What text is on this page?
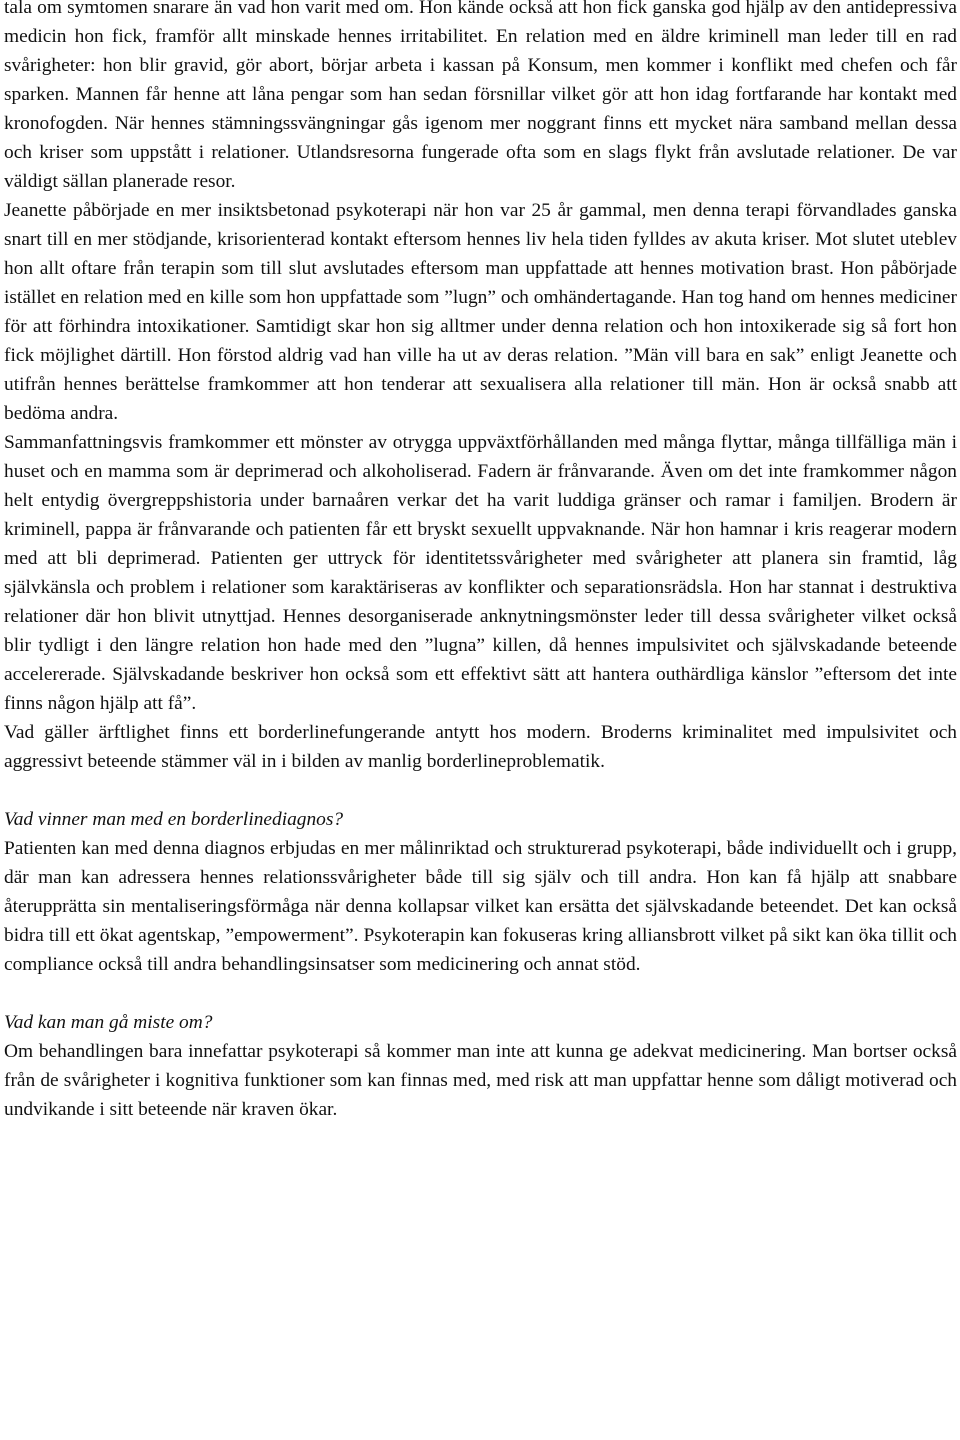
tala om symtomen snarare än vad hon varit med om. Hon kände också att hon fick ganska god hjälp av den antidepressiva medicin hon fick, framför allt minskade hennes irritabilitet. En relation med en äldre kriminell man leder till en rad svårigheter: hon blir gravid, gör abort, börjar arbeta i kassan på Konsum, men kommer i konflikt med chefen och får sparken. Mannen får henne att låna pengar som han sedan försnillar vilket gör att hon idag fortfarande har kontakt med kronofogden. När hennes stämningssvängningar gås igenom mer noggrant finns ett mycket nära samband mellan dessa och kriser som uppstått i relationer. Utlandsresorna fungerade ofta som en slags flykt från avslutade relationer. De var väldigt sällan planerade resor.

Jeanette påbörjade en mer insiktsbetonad psykoterapi när hon var 25 år gammal, men denna terapi förvandlades ganska snart till en mer stödjande, krisorienterad kontakt eftersom hennes liv hela tiden fylldes av akuta kriser. Mot slutet uteblev hon allt oftare från terapin som till slut avslutades eftersom man uppfattade att hennes motivation brast. Hon påbörjade istället en relation med en kille som hon uppfattade som ”lugn” och omhändertagande. Han tog hand om hennes mediciner för att förhindra intoxikationer. Samtidigt skar hon sig alltmer under denna relation och hon intoxikerade sig så fort hon fick möjlighet därtill. Hon förstod aldrig vad han ville ha ut av deras relation. ”Män vill bara en sak” enligt Jeanette och utifrån hennes berättelse framkommer att hon tenderar att sexualisera alla relationer till män. Hon är också snabb att bedöma andra.

Sammanfattningsvis framkommer ett mönster av otrygga uppväxtförhållanden med många flyttar, många tillfälliga män i huset och en mamma som är deprimerad och alkoholiserad. Fadern är frånvarande. Även om det inte framkommer någon helt entydig övergreppshistoria under barnaåren verkar det ha varit luddiga gränser och ramar i familjen. Brodern är kriminell, pappa är frånvarande och patienten får ett bryskt sexuellt uppvaknande. När hon hamnar i kris reagerar modern med att bli deprimerad. Patienten ger uttryck för identitetssvårigheter med svårigheter att planera sin framtid, låg självkänsla och problem i relationer som karaktäriseras av konflikter och separationsrädsla. Hon har stannat i destruktiva relationer där hon blivit utnyttjad. Hennes desorganiserade anknytningsmönster leder till dessa svårigheter vilket också blir tydligt i den längre relation hon hade med den ”lugna” killen, då hennes impulsivitet och självskadande beteende accelererade. Självskadande beskriver hon också som ett effektivt sätt att hantera outhärdliga känslor ”eftersom det inte finns någon hjälp att få”.

Vad gäller ärftlighet finns ett borderlinefungerande antytt hos modern. Broderns kriminalitet med impulsivitet och aggressivt beteende stämmer väl in i bilden av manlig borderlineproblematik.

Vad vinner man med en borderlinediagnos?

Patienten kan med denna diagnos erbjudas en mer målinriktad och strukturerad psykoterapi, både individuellt och i grupp, där man kan adressera hennes relationssvårigheter både till sig själv och till andra. Hon kan få hjälp att snabbare återupprätta sin mentaliseringsförmåga när denna kollapsar vilket kan ersätta det självskadande beteendet. Det kan också bidra till ett ökat agentskap, ”empowerment”. Psykoterapin kan fokuseras kring alliansbrott vilket på sikt kan öka tillit och compliance också till andra behandlingsinsatser som medicinering och annat stöd.

Vad kan man gå miste om?

Om behandlingen bara innefattar psykoterapi så kommer man inte att kunna ge adekvat medicinering. Man bortser också från de svårigheter i kognitiva funktioner som kan finnas med, med risk att man uppfattar henne som dåligt motiverad och undvikande i sitt beteende när kraven ökar.
